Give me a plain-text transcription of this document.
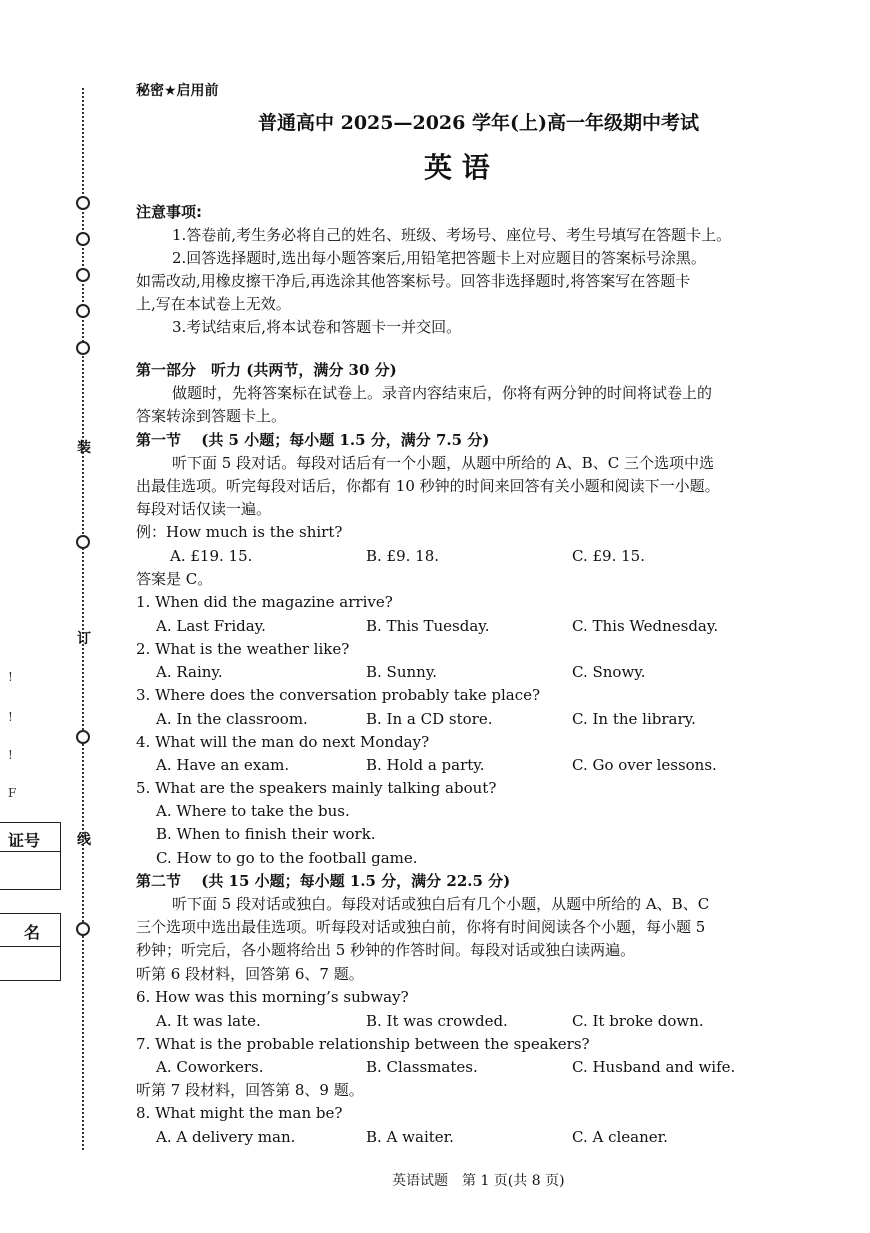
装
订
线
!
!
!
F
证号
名
秘密★启用前
普通高中 2025—2026 学年(上)高一年级期中考试
英 语
注意事项:
1.答卷前,考生务必将自己的姓名、班级、考场号、座位号、考生号填写在答题卡上。
2.回答选择题时,选出每小题答案后,用铅笔把答题卡上对应题目的答案标号涂黑。
如需改动,用橡皮擦干净后,再选涂其他答案标号。回答非选择题时,将答案写在答题卡
上,写在本试卷上无效。
3.考试结束后,将本试卷和答题卡一并交回。
第一部分　听力 (共两节，满分 30 分)
做题时，先将答案标在试卷上。录音内容结束后，你将有两分钟的时间将试卷上的
答案转涂到答题卡上。
第一节　 (共 5 小题；每小题 1.5 分，满分 7.5 分)
听下面 5 段对话。每段对话后有一个小题，从题中所给的 A、B、C 三个选项中选
出最佳选项。听完每段对话后，你都有 10 秒钟的时间来回答有关小题和阅读下一小题。
每段对话仅读一遍。
例：How much is the shirt?
A. £19. 15.	B. £9. 18.	C. £9. 15.
答案是 C。
1. When did the magazine arrive?
A. Last Friday.	B. This Tuesday.	C. This Wednesday.
2. What is the weather like?
A. Rainy.	B. Sunny.	C. Snowy.
3. Where does the conversation probably take place?
A. In the classroom.	B. In a CD store.	C. In the library.
4. What will the man do next Monday?
A. Have an exam.	B. Hold a party.	C. Go over lessons.
5. What are the speakers mainly talking about?
A. Where to take the bus.
B. When to finish their work.
C. How to go to the football game.
第二节　 (共 15 小题；每小题 1.5 分，满分 22.5 分)
听下面 5 段对话或独白。每段对话或独白后有几个小题，从题中所给的 A、B、C
三个选项中选出最佳选项。听每段对话或独白前，你将有时间阅读各个小题，每小题 5
秒钟；听完后，各小题将给出 5 秒钟的作答时间。每段对话或独白读两遍。
听第 6 段材料，回答第 6、7 题。
6. How was this morning’s subway?
A. It was late.	B. It was crowded.	C. It broke down.
7. What is the probable relationship between the speakers?
A. Coworkers.	B. Classmates.	C. Husband and wife.
听第 7 段材料，回答第 8、9 题。
8. What might the man be?
A. A delivery man.	B. A waiter.	C. A cleaner.
英语试题　第 1 页(共 8 页)
